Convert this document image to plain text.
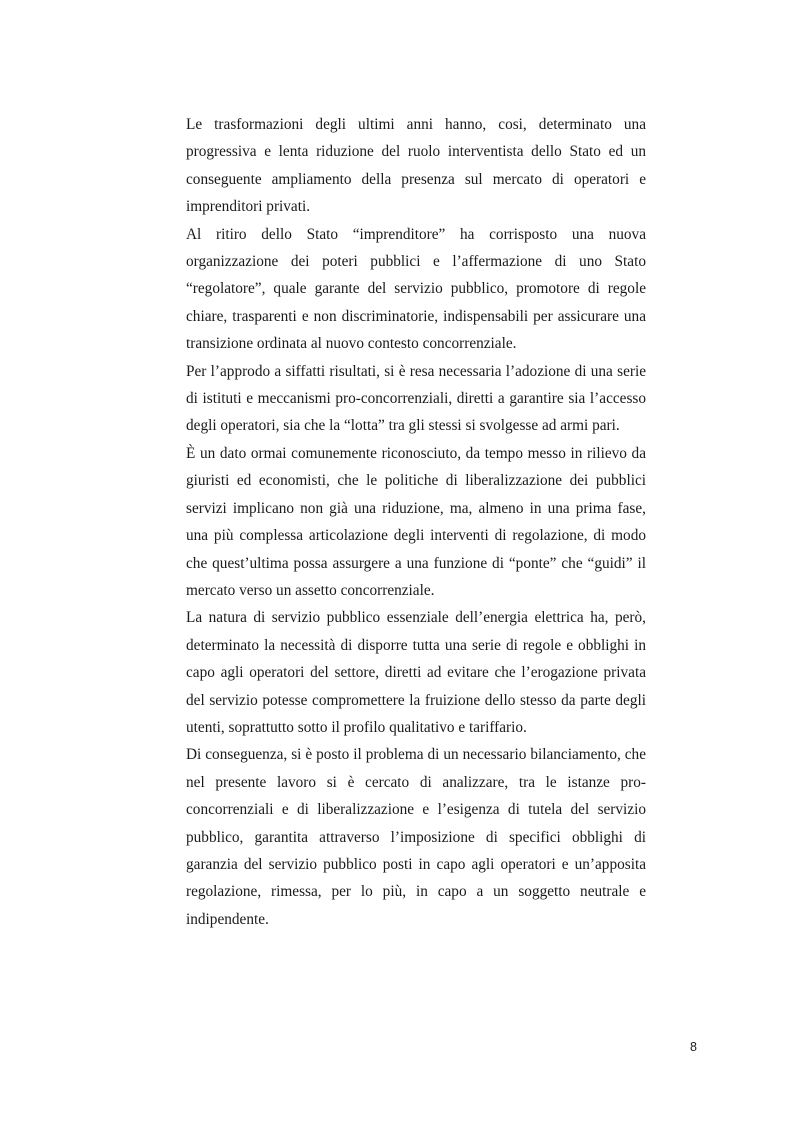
Le trasformazioni degli ultimi anni hanno, cosi, determinato una progressiva e lenta riduzione del ruolo interventista dello Stato ed un conseguente ampliamento della presenza sul mercato di operatori e imprenditori privati.

Al ritiro dello Stato “imprenditore” ha corrisposto una nuova organizzazione dei poteri pubblici e l’affermazione di uno Stato “regolatore”, quale garante del servizio pubblico, promotore di regole chiare, trasparenti e non discriminatorie, indispensabili per assicurare una transizione ordinata al nuovo contesto concorrenziale.

Per l’approdo a siffatti risultati, si è resa necessaria l’adozione di una serie di istituti e meccanismi pro-concorrenziali, diretti a garantire sia l’accesso degli operatori, sia che la “lotta” tra gli stessi si svolgesse ad armi pari.

È un dato ormai comunemente riconosciuto, da tempo messo in rilievo da giuristi ed economisti, che le politiche di liberalizzazione dei pubblici servizi implicano non già una riduzione, ma, almeno in una prima fase, una più complessa articolazione degli interventi di regolazione, di modo che quest’ultima possa assurgere a una funzione di “ponte” che “guidi” il mercato verso un assetto concorrenziale.

La natura di servizio pubblico essenziale dell’energia elettrica ha, però, determinato la necessità di disporre tutta una serie di regole e obblighi in capo agli operatori del settore, diretti ad evitare che l’erogazione privata del servizio potesse compromettere la fruizione dello stesso da parte degli utenti, soprattutto sotto il profilo qualitativo e tariffario.

Di conseguenza, si è posto il problema di un necessario bilanciamento, che nel presente lavoro si è cercato di analizzare, tra le istanze pro-concorrenziali e di liberalizzazione e l’esigenza di tutela del servizio pubblico, garantita attraverso l’imposizione di specifici obblighi di garanzia del servizio pubblico posti in capo agli operatori e un’apposita regolazione, rimessa, per lo più, in capo a un soggetto neutrale e indipendente.

8
